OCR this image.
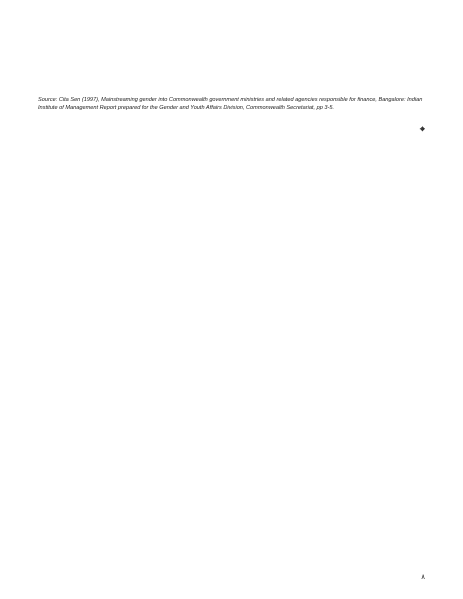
Source: Cita Sen (1997), Mainstreaming gender into Commonwealth government ministries and related agencies responsible for finance, Bangalore: Indian Institute of Management Report prepared for the Gender and Youth Affairs Division, Commonwealth Secretariat, pp 3-5.

⌖

٨
